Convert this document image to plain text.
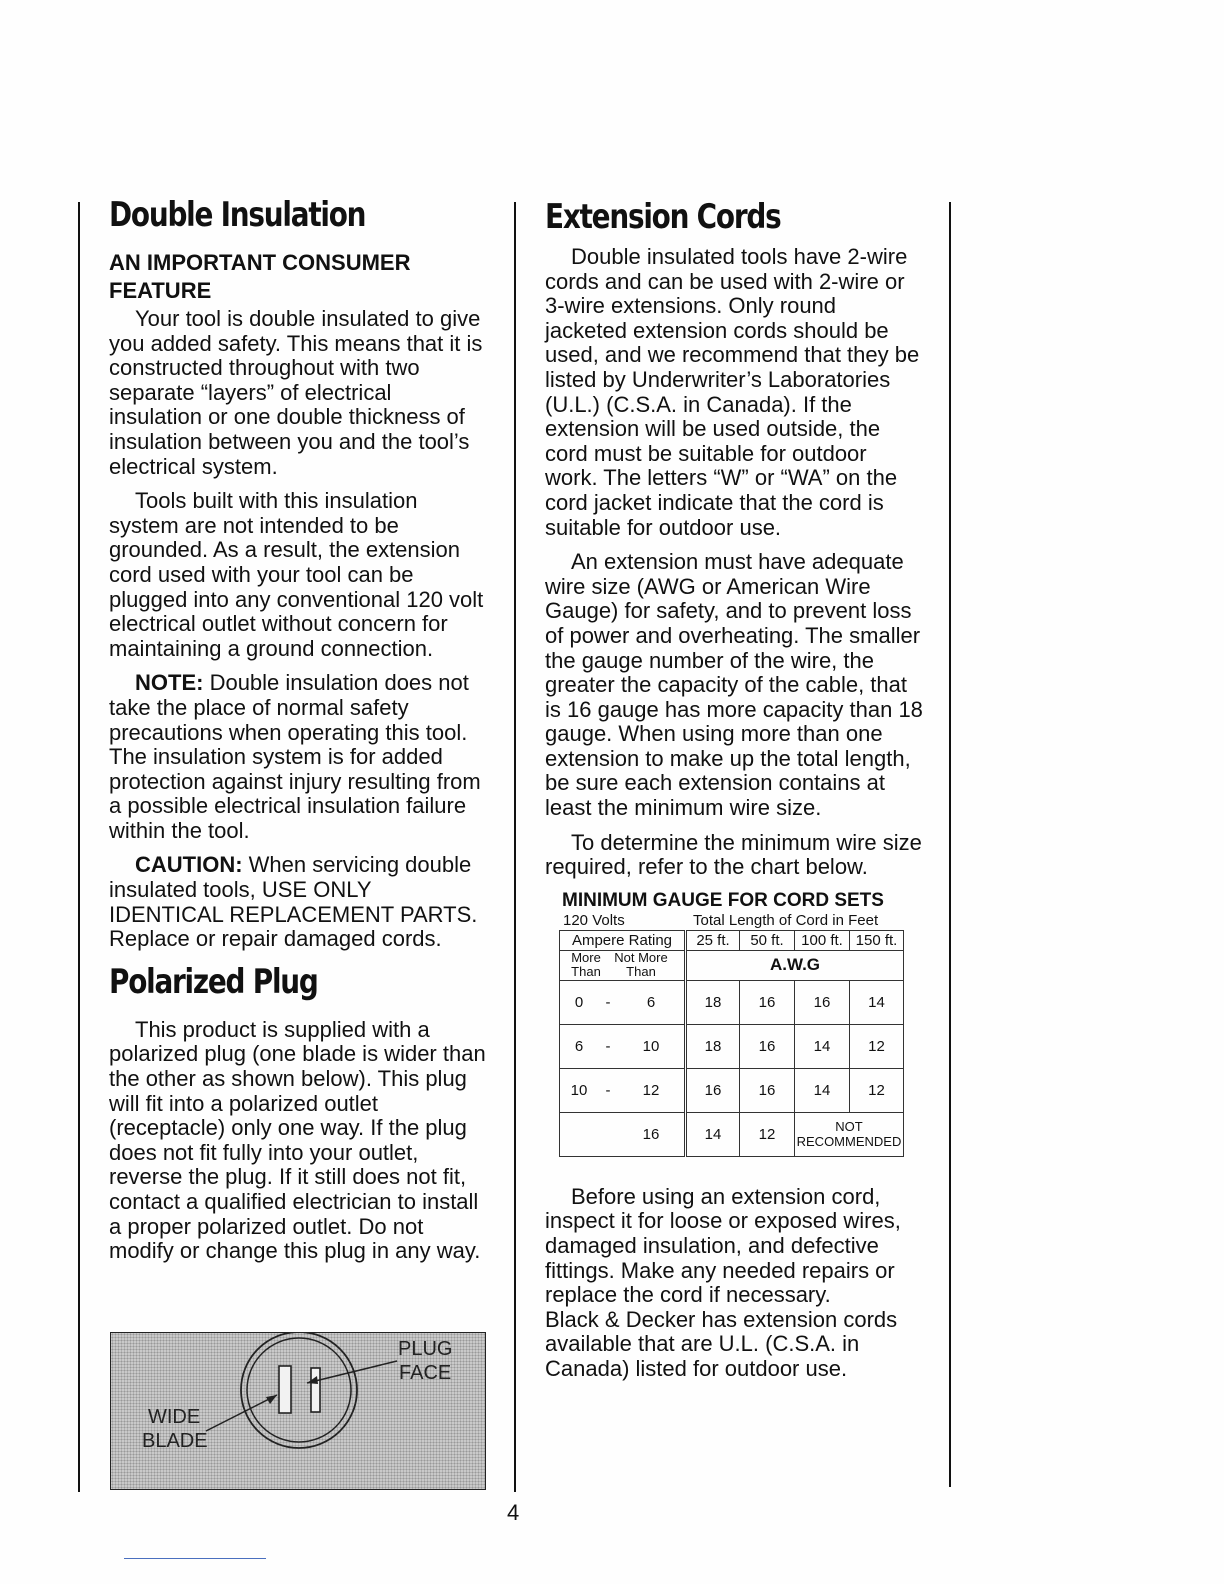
Double Insulation
AN IMPORTANT CONSUMER FEATURE

Your tool is double insulated to give you added safety. This means that it is constructed throughout with two separate “layers” of electrical insulation or one double thickness of insulation between you and the tool’s electrical system.

Tools built with this insulation system are not intended to be grounded. As a result, the extension cord used with your tool can be plugged into any conventional 120 volt electrical outlet without concern for maintaining a ground connection.

NOTE: Double insulation does not take the place of normal safety precautions when operating this tool. The insulation system is for added protection against injury resulting from a possible electrical insulation failure within the tool.

CAUTION: When servicing double insulated tools, USE ONLY IDENTICAL REPLACEMENT PARTS. Replace or repair damaged cords.

Polarized Plug

This product is supplied with a polarized plug (one blade is wider than the other as shown below). This plug will fit into a polarized outlet (receptacle) only one way. If the plug does not fit fully into your outlet, reverse the plug. If it still does not fit, contact a qualified electrician to install a proper polarized outlet. Do not modify or change this plug in any way.

PLUG
FACE
WIDE
BLADE
Extension Cords

Double insulated tools have 2-wire cords and can be used with 2-wire or 3-wire extensions. Only round jacketed extension cords should be used, and we recommend that they be listed by Underwriter’s Laboratories (U.L.) (C.S.A. in Canada). If the extension will be used outside, the cord must be suitable for outdoor work. The letters “W” or “WA” on the cord jacket indicate that the cord is suitable for outdoor use.

An extension must have adequate wire size (AWG or American Wire Gauge) for safety, and to prevent loss of power and overheating. The smaller the gauge number of the wire, the greater the capacity of the cable, that is 16 gauge has more capacity than 18 gauge. When using more than one extension to make up the total length, be sure each extension contains at least the minimum wire size.

To determine the minimum wire size required, refer to the chart below.

MINIMUM GAUGE FOR CORD SETS
120 Volts	Total Length of Cord in Feet
Ampere Rating			25 ft.	50 ft.	100 ft.	150 ft.

More Than
Not More Than			A.W.G			
0	-	6	18	16	16	14
6	-	10	18	16	14	12
10	-	12	16	16	14	12
		16	14	12	NOT
RECOMMENDED	

Before using an extension cord, inspect it for loose or exposed wires, damaged insulation, and defective fittings. Make any needed repairs or replace the cord if necessary.

Black & Decker has extension cords available that are U.L. (C.S.A. in Canada) listed for outdoor use.

4
